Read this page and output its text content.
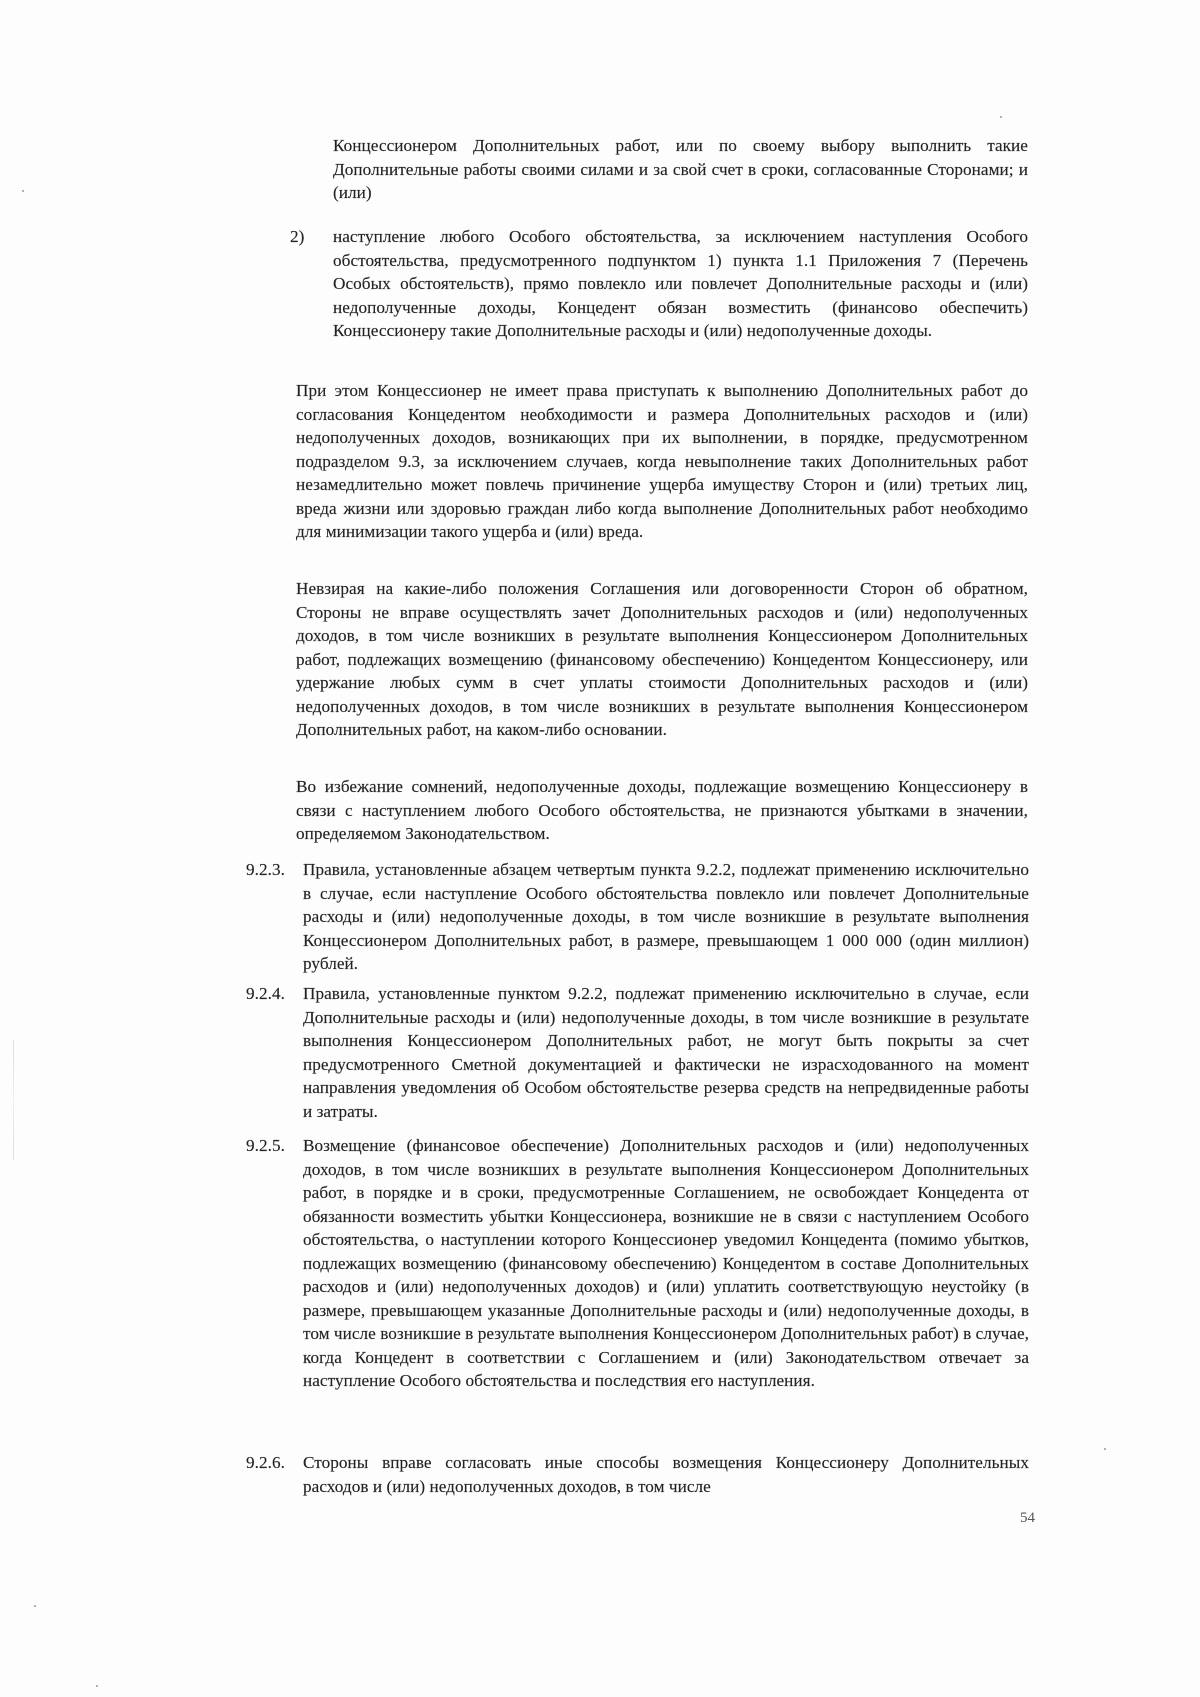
Концессионером Дополнительных работ, или по своему выбору выполнить такие Дополнительные работы своими силами и за свой счет в сроки, согласованные Сторонами; и (или)
2)	наступление любого Особого обстоятельства, за исключением наступления Особого обстоятельства, предусмотренного подпунктом 1) пункта 1.1 Приложения 7 (Перечень Особых обстоятельств), прямо повлекло или повлечет Дополнительные расходы и (или) недополученные доходы, Концедент обязан возместить (финансово обеспечить) Концессионеру такие Дополнительные расходы и (или) недополученные доходы.
При этом Концессионер не имеет права приступать к выполнению Дополнительных работ до согласования Концедентом необходимости и размера Дополнительных расходов и (или) недополученных доходов, возникающих при их выполнении, в порядке, предусмотренном подразделом 9.3, за исключением случаев, когда невыполнение таких Дополнительных работ незамедлительно может повлечь причинение ущерба имуществу Сторон и (или) третьих лиц, вреда жизни или здоровью граждан либо когда выполнение Дополнительных работ необходимо для минимизации такого ущерба и (или) вреда.
Невзирая на какие-либо положения Соглашения или договоренности Сторон об обратном, Стороны не вправе осуществлять зачет Дополнительных расходов и (или) недополученных доходов, в том числе возникших в результате выполнения Концессионером Дополнительных работ, подлежащих возмещению (финансовому обеспечению) Концедентом Концессионеру, или удержание любых сумм в счет уплаты стоимости Дополнительных расходов и (или) недополученных доходов, в том числе возникших в результате выполнения Концессионером Дополнительных работ, на каком-либо основании.
Во избежание сомнений, недополученные доходы, подлежащие возмещению Концессионеру в связи с наступлением любого Особого обстоятельства, не признаются убытками в значении, определяемом Законодательством.
9.2.3.	Правила, установленные абзацем четвертым пункта 9.2.2, подлежат применению исключительно в случае, если наступление Особого обстоятельства повлекло или повлечет Дополнительные расходы и (или) недополученные доходы, в том числе возникшие в результате выполнения Концессионером Дополнительных работ, в размере, превышающем 1 000 000 (один миллион) рублей.
9.2.4.	Правила, установленные пунктом 9.2.2, подлежат применению исключительно в случае, если Дополнительные расходы и (или) недополученные доходы, в том числе возникшие в результате выполнения Концессионером Дополнительных работ, не могут быть покрыты за счет предусмотренного Сметной документацией и фактически не израсходованного на момент направления уведомления об Особом обстоятельстве резерва средств на непредвиденные работы и затраты.
9.2.5.	Возмещение (финансовое обеспечение) Дополнительных расходов и (или) недополученных доходов, в том числе возникших в результате выполнения Концессионером Дополнительных работ, в порядке и в сроки, предусмотренные Соглашением, не освобождает Концедента от обязанности возместить убытки Концессионера, возникшие не в связи с наступлением Особого обстоятельства, о наступлении которого Концессионер уведомил Концедента (помимо убытков, подлежащих возмещению (финансовому обеспечению) Концедентом в составе Дополнительных расходов и (или) недополученных доходов) и (или) уплатить соответствующую неустойку (в размере, превышающем указанные Дополнительные расходы и (или) недополученные доходы, в том числе возникшие в результате выполнения Концессионером Дополнительных работ) в случае, когда Концедент в соответствии с Соглашением и (или) Законодательством отвечает за наступление Особого обстоятельства и последствия его наступления.
9.2.6.	Стороны вправе согласовать иные способы возмещения Концессионеру Дополнительных расходов и (или) недополученных доходов, в том числе
54
